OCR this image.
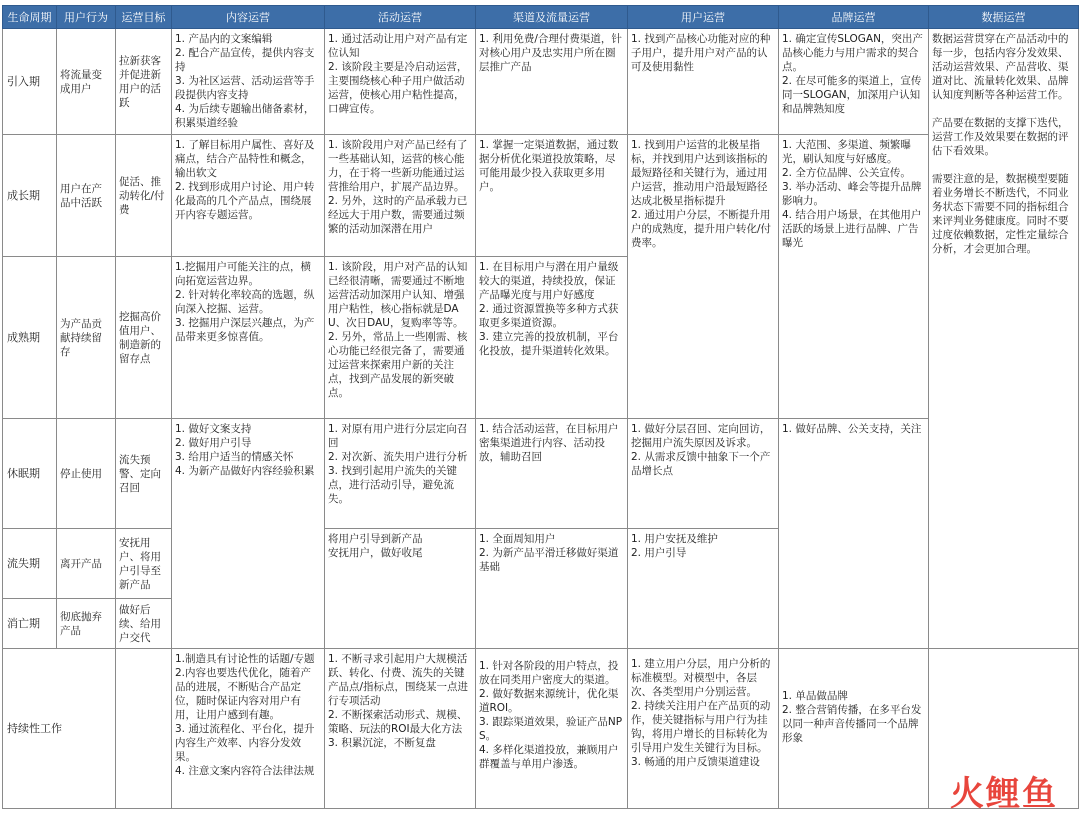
生命周期	用户行为	运营目标	内容运营	活动运营	渠道及流量运营	用户运营	品牌运营	数据运营
引入期	将流量变成用户	拉新获客并促进新用户的活跃	1. 产品内的文案编辑
2. 配合产品宣传，提供内容支持
3. 为社区运营、活动运营等手段提供内容支持
4. 为后续专题输出储备素材，积累渠道经验	1. 通过活动让用户对产品有定位认知
2. 该阶段主要是冷启动运营，主要围绕核心种子用户做活动运营，使核心用户粘性提高，口碑宣传。	1. 利用免费/合理付费渠道，针对核心用户及忠实用户所在圈层推广产品	1. 找到产品核心功能对应的种子用户，提升用户对产品的认可及使用黏性	1. 确定宣传SLOGAN，突出产品核心能力与用户需求的契合点。
2. 在尽可能多的渠道上，宣传同一SLOGAN，加深用户认知和品牌熟知度	数据运营贯穿在产品活动中的每一步，包括内容分发效果、活动运营效果、产品营收、渠道对比、流量转化效果、品牌认知度判断等各种运营工作。
产品要在数据的支撑下迭代，运营工作及效果要在数据的评估下看效果。
需要注意的是，数据模型要随着业务增长不断迭代，不同业务状态下需要不同的指标组合来评判业务健康度。同时不要过度依赖数据，定性定量综合分析，才会更加合理。

成长期	用户在产品中活跃	促活、推动转化/付费	1. 了解目标用户属性、喜好及痛点，结合产品特性和概念，输出软文
2. 找到形成用户讨论、用户转化最高的几个产品点，围绕展开内容专题运营。	1. 该阶段用户对产品已经有了一些基础认知，运营的核心能力，在于将一些新功能通过运营推给用户，扩展产品边界。
2. 另外，这时的产品承载力已经远大于用户数，需要通过频繁的活动加深潜在用户	1. 掌握一定渠道数据，通过数据分析优化渠道投放策略，尽可能用最少投入获取更多用户。	1. 找到用户运营的北极星指标，并找到用户达到该指标的最短路径和关键行为，通过用户运营，推动用户沿最短路径达成北极星指标提升
2. 通过用户分层，不断提升用户的成熟度，提升用户转化/付费率。	1. 大范围、多渠道、频繁曝光，刷认知度与好感度。
2. 全方位品牌、公关宣传。
3. 举办活动、峰会等提升品牌影响力。
4. 结合用户场景，在其他用户活跃的场景上进行品牌、广告曝光	

成熟期	为产品贡献持续留存	挖掘高价值用户、制造新的留存点	1.挖掘用户可能关注的点，横向拓宽运营边界。
2. 针对转化率较高的选题，纵向深入挖掘、运营。
3. 挖掘用户深层兴趣点，为产品带来更多惊喜值。	1. 该阶段，用户对产品的认知已经很清晰，需要通过不断地运营活动加深用户认知、增强用户粘性，核心指标就是DAU、次日DAU，复购率等等。
2. 另外，常品上一些刚需、核心功能已经很完备了，需要通过运营来探索用户新的关注点，找到产品发展的新突破点。	1. 在目标用户与潜在用户量级较大的渠道，持续投放，保证产品曝光度与用户好感度
2. 通过资源置换等多种方式获取更多渠道资源。
3. 建立完善的投放机制，平台化投放，提升渠道转化效果。			

休眠期	停止使用	流失预警、定向召回	1. 做好文案支持
2. 做好用户引导
3. 给用户适当的情感关怀
4. 为新产品做好内容经验积累	1. 对原有用户进行分层定向召回
2. 对次新、流失用户进行分析
3. 找到引起用户流失的关键点，进行活动引导，避免流失。	1. 结合活动运营，在目标用户密集渠道进行内容、活动投放，辅助召回	1. 做好分层召回、定向回访，挖掘用户流失原因及诉求。
2. 从需求反馈中抽象下一个产品增长点	1. 做好品牌、公关支持，关注	

流失期	离开产品	安抚用户、将用户引导至新产品		将用户引导到新产品
安抚用户，做好收尾	1. 全面周知用户
2. 为新产品平滑迁移做好渠道基础	1. 用户安抚及维护
2. 用户引导		

消亡期	彻底抛弃产品	做好后续、给用户交代						
持续性工作			1.制造具有讨论性的话题/专题
2.内容也要迭代优化，随着产品的进展，不断贴合产品定位，随时保证内容对用户有用，让用户感到有趣。
3. 通过流程化、平台化，提升内容生产效率、内容分发效果。
4. 注意文案内容符合法律法规	1. 不断寻求引起用户大规模活跃、转化、付费、流失的关键产品点/指标点，围绕某一点进行专项活动
2. 不断探索活动形式、规模、策略、玩法的ROI最大化方法
3. 积累沉淀，不断复盘	1. 针对各阶段的用户特点，投放在同类用户密度大的渠道。
2. 做好数据来源统计，优化渠道ROI。
3. 跟踪渠道效果，验证产品NPS。
4. 多样化渠道投放，兼顾用户群覆盖与单用户渗透。	1. 建立用户分层，用户分析的标准模型。对模型中，各层次、各类型用户分别运营。
2. 持续关注用户在产品页的动作，使关键指标与用户行为挂钩，将用户增长的目标转化为引导用户发生关键行为目标。
3. 畅通的用户反馈渠道建设	1. 单品做品牌
2. 整合营销传播，在多平台发以同一种声音传播同一个品牌形象	

火鲤鱼
